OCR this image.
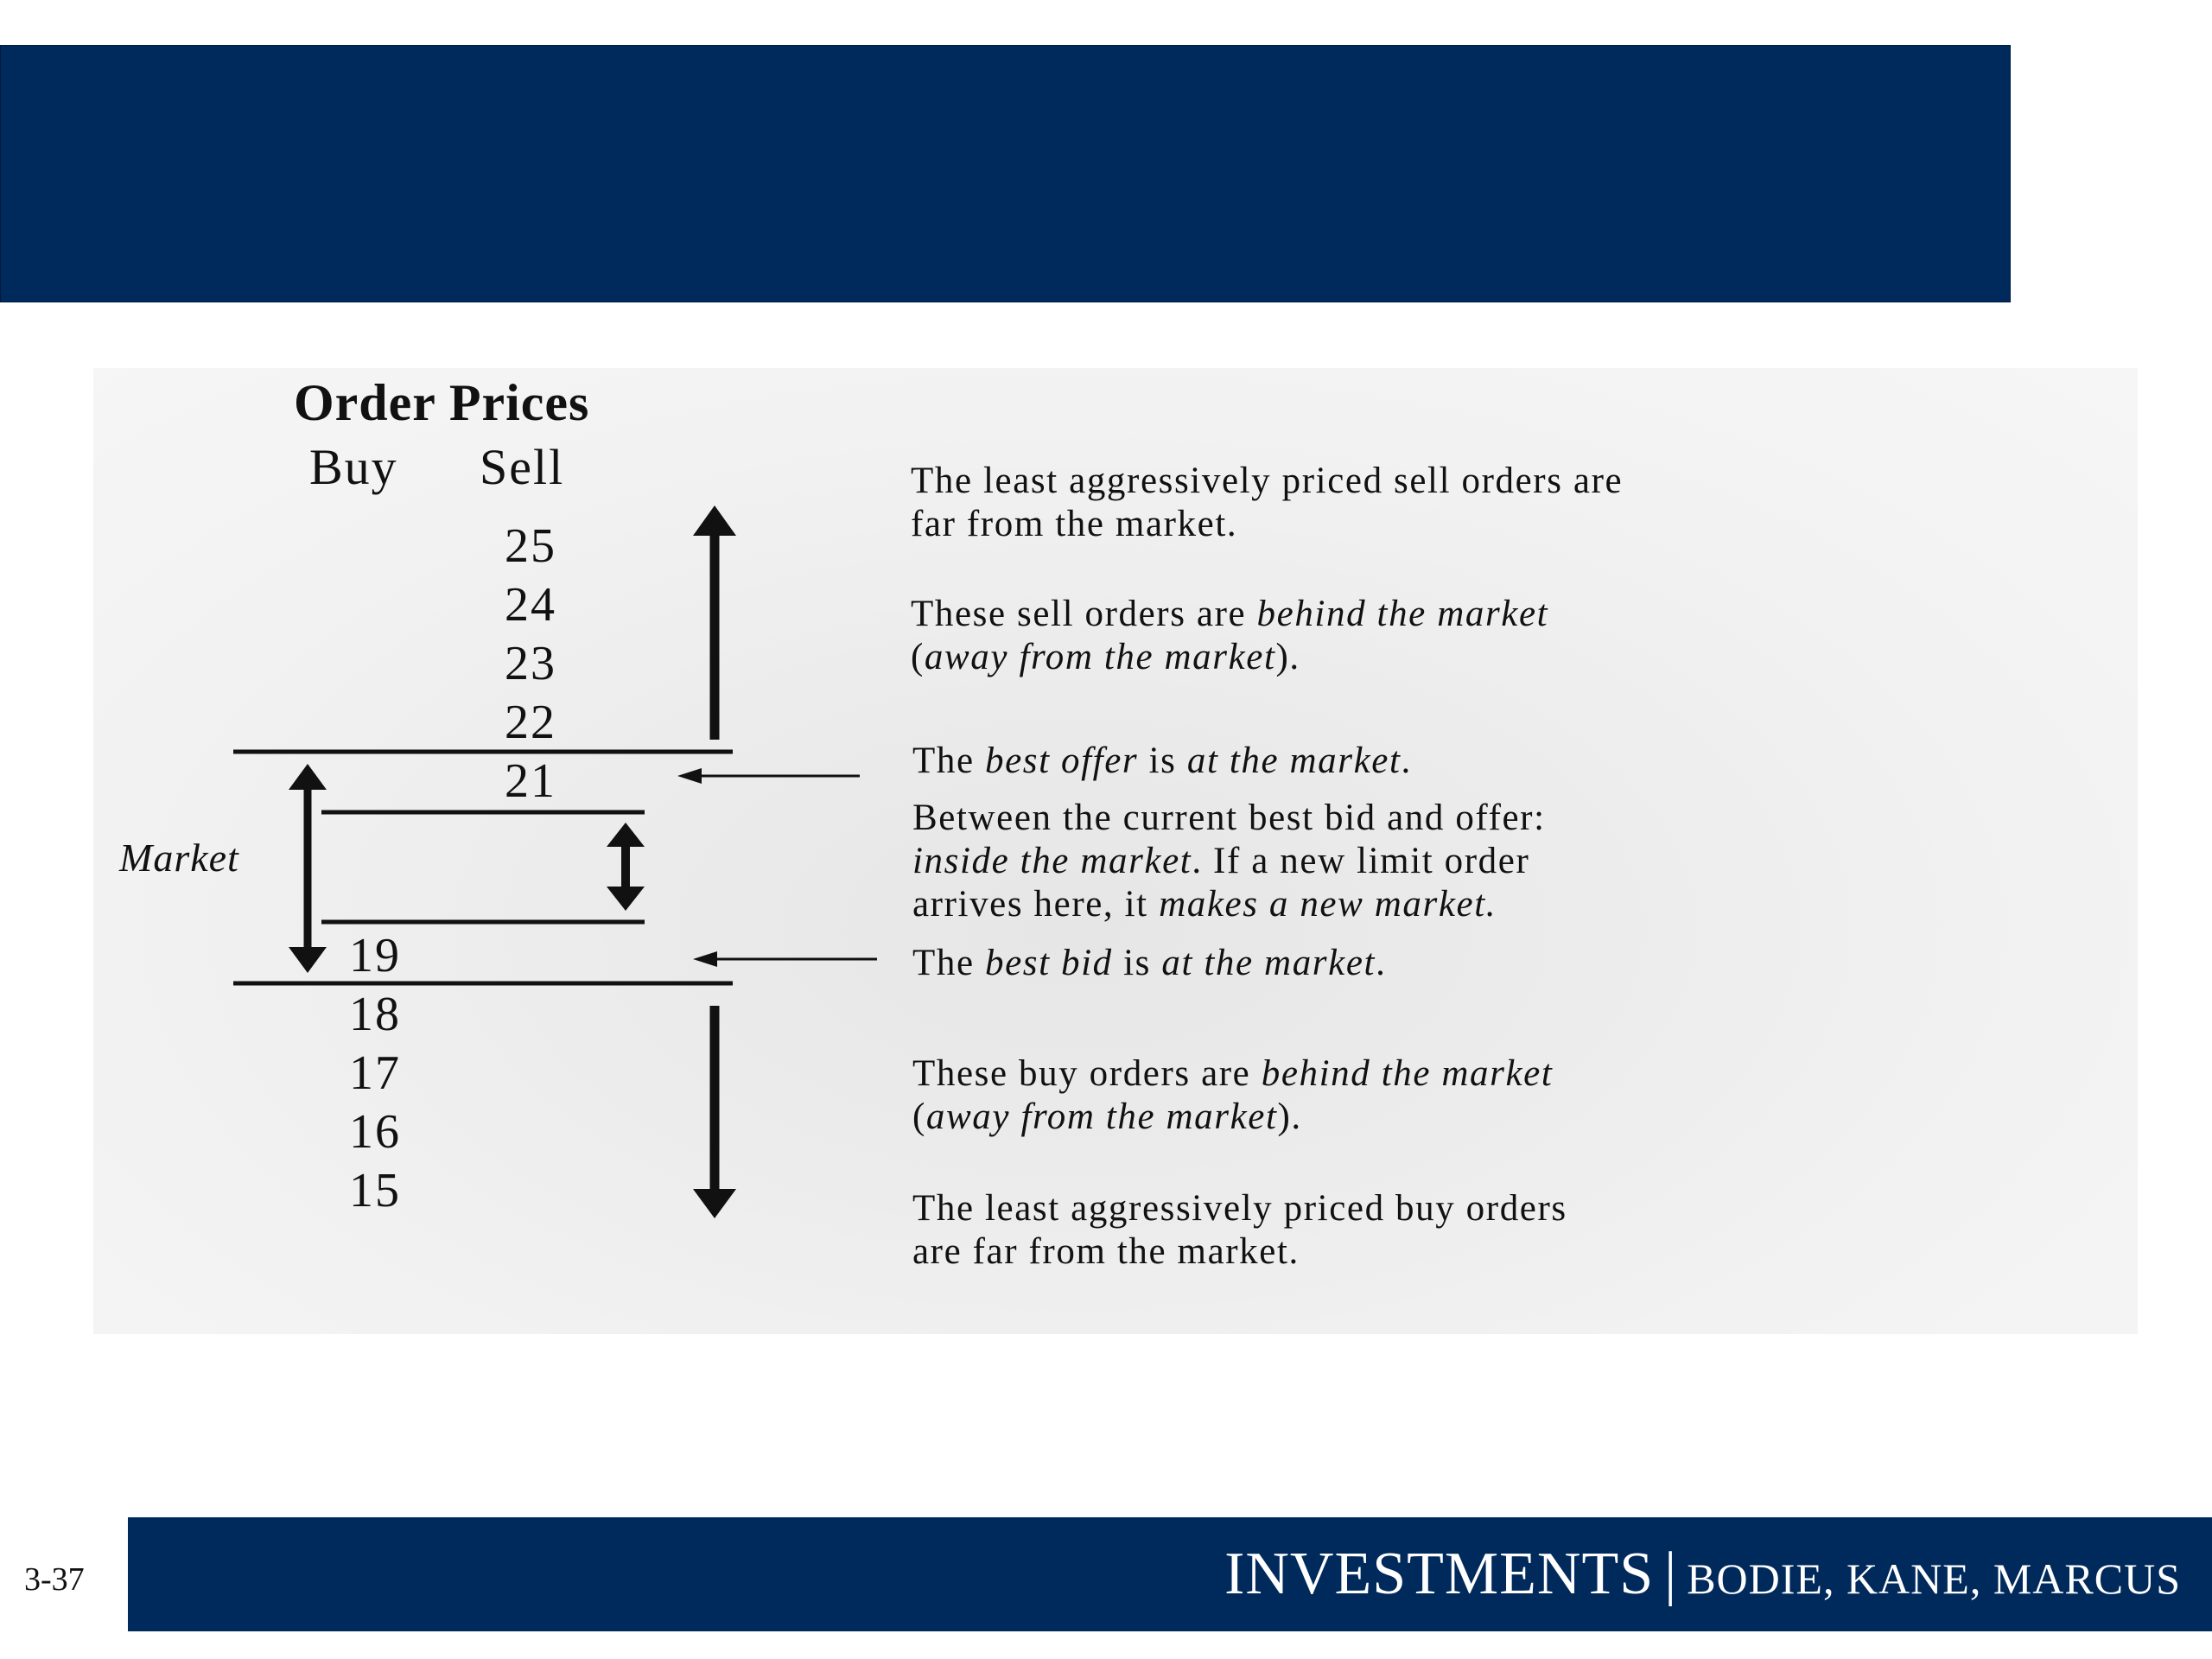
Order Prices
Buy Sell
25
24
23
22
21
19
18
17
16
15
Market
The least aggressively priced sell orders are
far from the market.
These sell orders are behind the market
(away from the market).
The best offer is at the market.
Between the current best bid and offer:
inside the market. If a new limit order
arrives here, it makes a new market.
The best bid is at the market.
These buy orders are behind the market
(away from the market).
The least aggressively priced buy orders
are far from the market.
3-37	INVESTMENTS | BODIE, KANE, MARCUS
